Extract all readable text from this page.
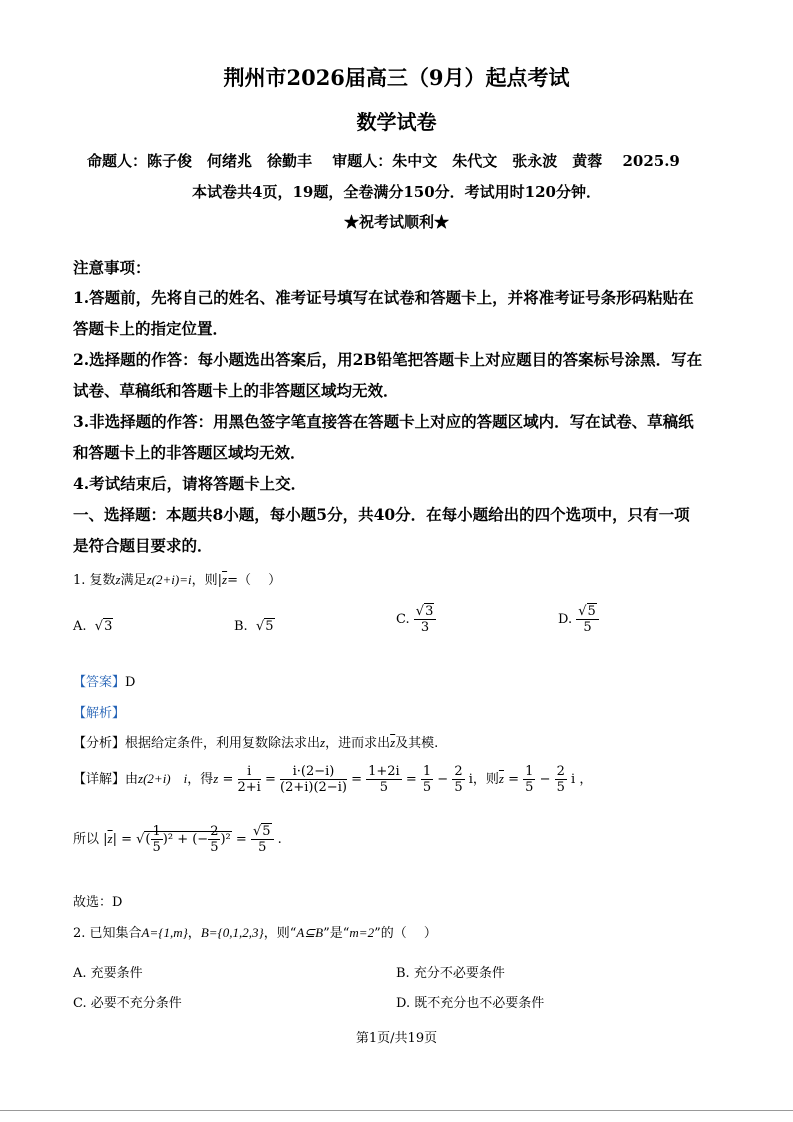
荆州市2026届高三（9月）起点考试
数学试卷
命题人：陈子俊　何绪兆　徐勤丰　 审题人：朱中文　朱代文　张永波　黄蓉　 2025.9
本试卷共4页，19题，全卷满分150分．考试用时120分钟．
★祝考试顺利★
注意事项：
1.答题前，先将自己的姓名、准考证号填写在试卷和答题卡上，并将准考证号条形码粘贴在
答题卡上的指定位置．
2.选择题的作答：每小题选出答案后，用2B铅笔把答题卡上对应题目的答案标号涂黑．写在
试卷、草稿纸和答题卡上的非答题区域均无效．
3.非选择题的作答：用黑色签字笔直接答在答题卡上对应的答题区域内．写在试卷、草稿纸
和答题卡上的非答题区域均无效．
4.考试结束后，请将答题卡上交．
一、选择题：本题共8小题，每小题5分，共40分．在每小题给出的四个选项中，只有一项
是符合题目要求的．
1. 复数z满足z(2+i)=i，则$|\overline{z}=$（　 ）
A.  √3	B.  √5	C. $\frac{√3}{3}$	D. $\frac{√5}{5}$
【答案】D
【解析】
【分析】根据给定条件，利用复数除法求出z，进而求出$\overline{z}$及其模.
【详解】由z(2+i)　i，得$z = \frac{i}{2+i} = \frac{i\cdot(2-i)}{(2+i)(2-i)} = \frac{1+2i}{5} = \frac{1}{5} - \frac{2}{5}$ i，则$\overline{z} = \frac{1}{5} - \frac{2}{5}$ i ，
所以 $|\overline{z}|$ = √( $\frac{1}{5} )^2$ + (− $\frac{2}{5} )^2 = \frac{√5}{5}$ .
故选：D
2. 已知集合A={1,m}，B={0,1,2,3}，则“A⊆B”是“m=2”的（　 ）
A. 充要条件	B. 充分不必要条件
C. 必要不充分条件	D. 既不充分也不必要条件
第1页/共19页
